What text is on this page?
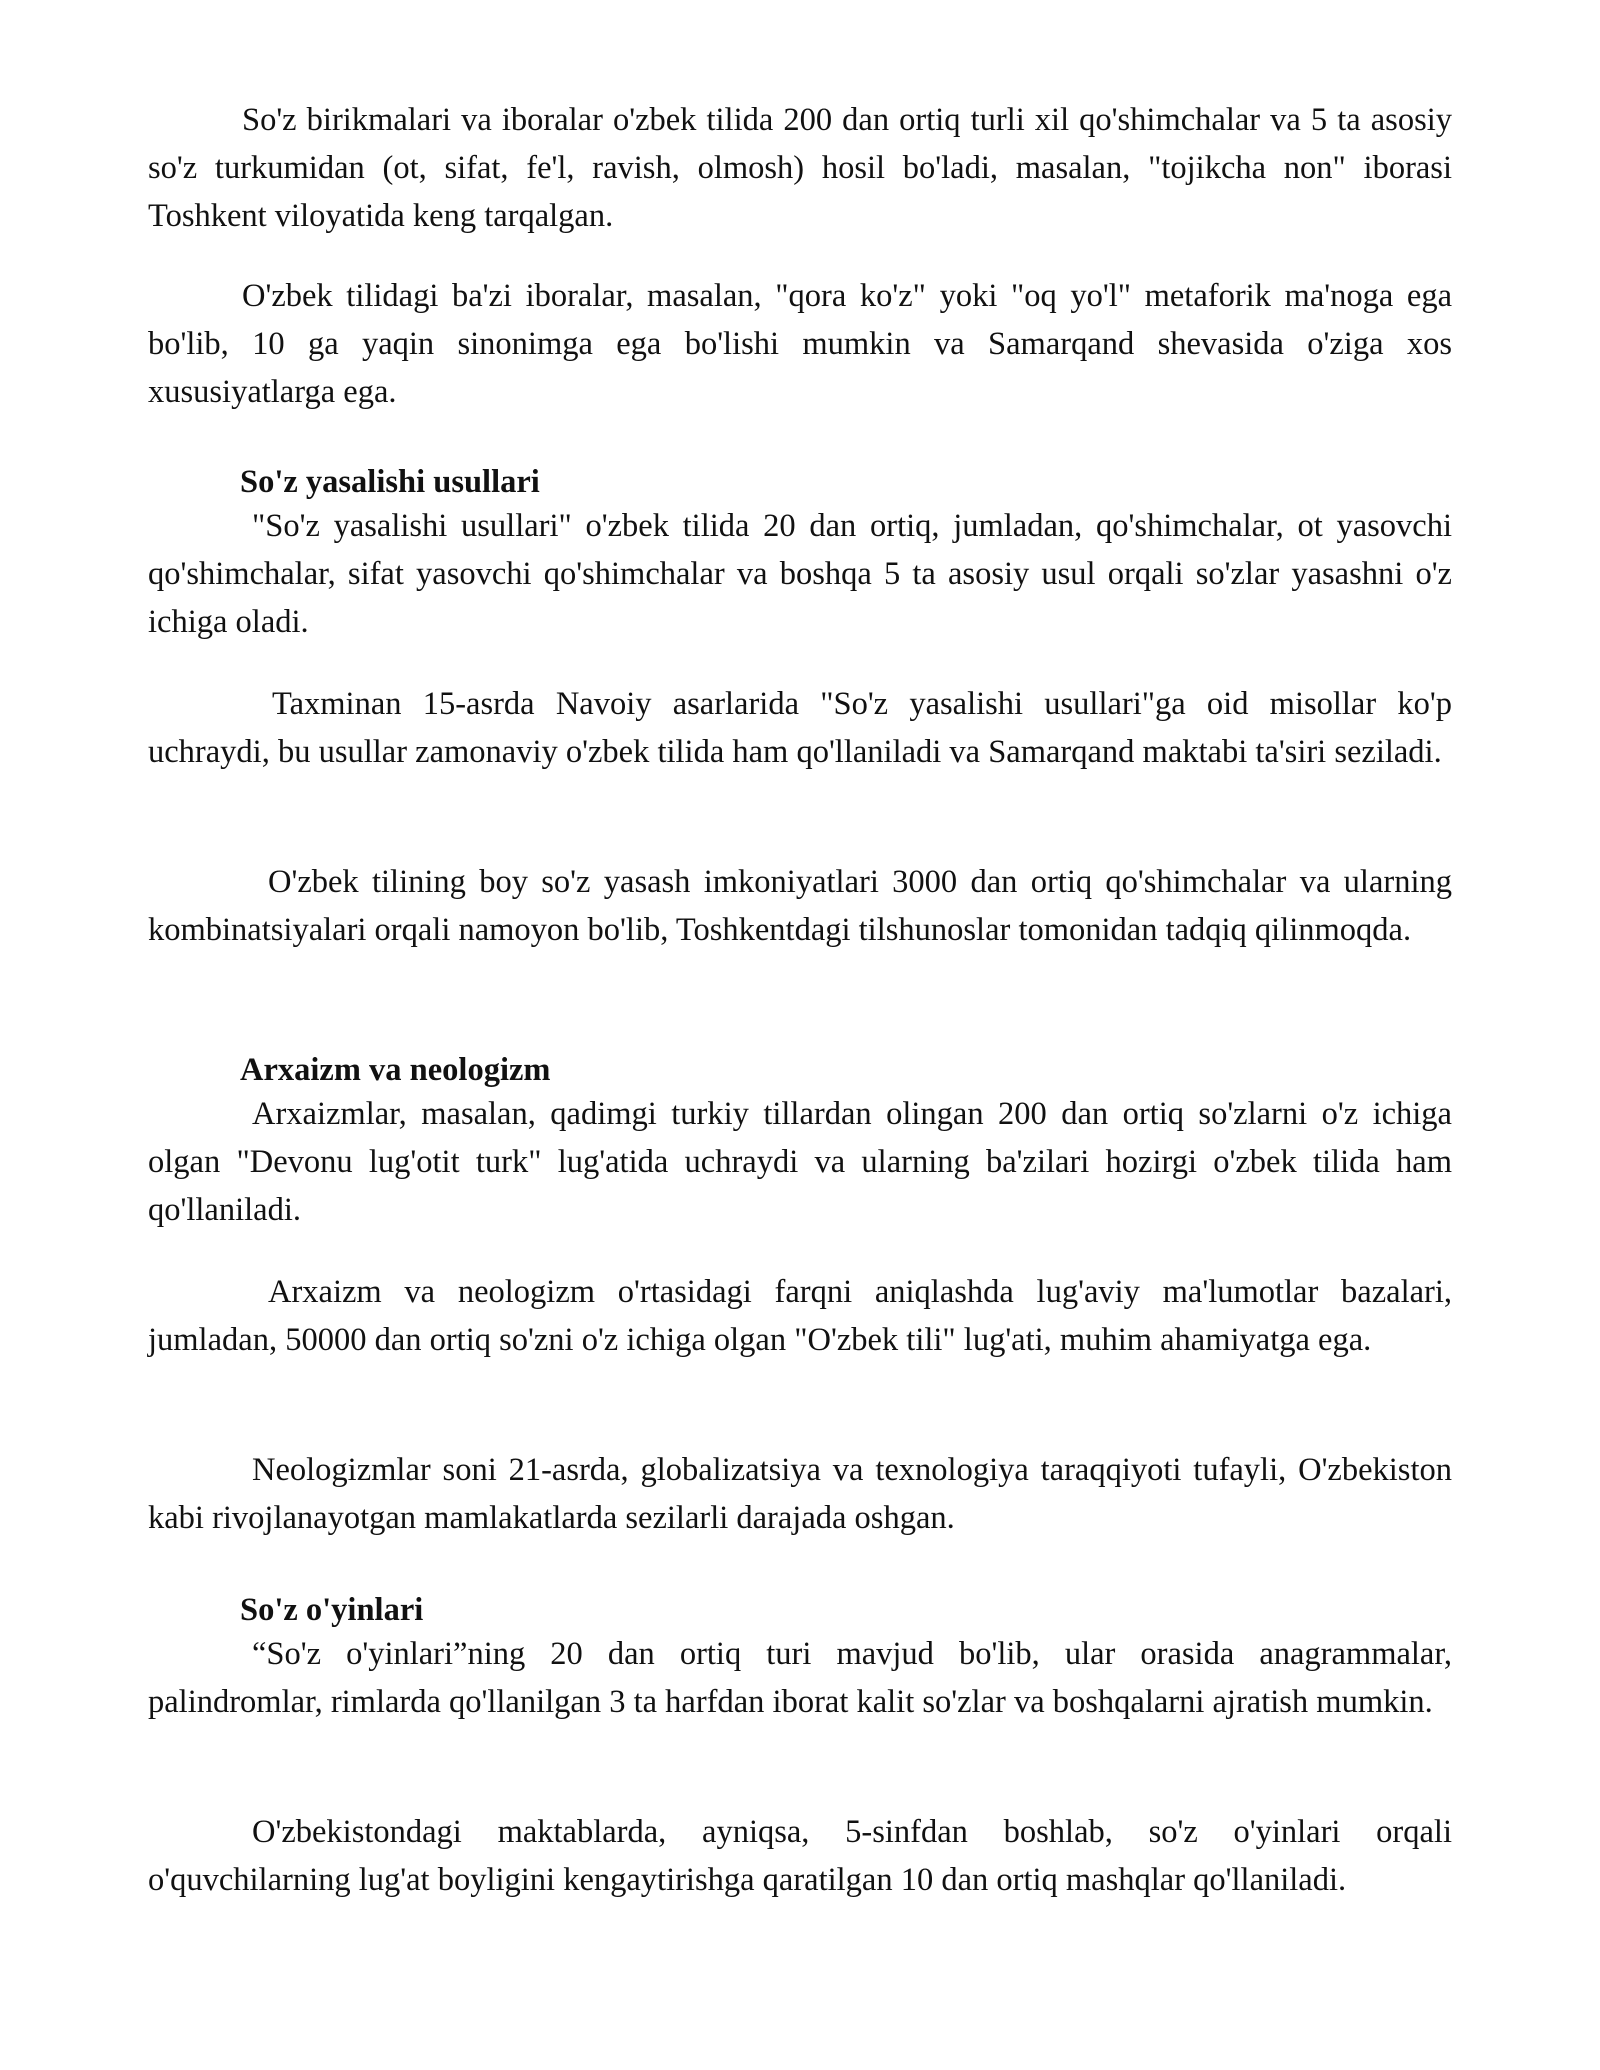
So'z birikmalari va iboralar o'zbek tilida 200 dan ortiq turli xil qo'shimchalar va 5 ta asosiy so'z turkumidan (ot, sifat, fe'l, ravish, olmosh) hosil bo'ladi, masalan, "tojikcha non" iborasi Toshkent viloyatida keng tarqalgan.

O'zbek tilidagi ba'zi iboralar, masalan, "qora ko'z" yoki "oq yo'l" metaforik ma'noga ega bo'lib, 10 ga yaqin sinonimga ega bo'lishi mumkin va Samarqand shevasida o'ziga xos xususiyatlarga ega.

So'z yasalishi usullari

"So'z yasalishi usullari" o'zbek tilida 20 dan ortiq, jumladan, qo'shimchalar, ot yasovchi qo'shimchalar, sifat yasovchi qo'shimchalar va boshqa 5 ta asosiy usul orqali so'zlar yasashni o'z ichiga oladi.

Taxminan 15-asrda Navoiy asarlarida "So'z yasalishi usullari"ga oid misollar ko'p uchraydi, bu usullar zamonaviy o'zbek tilida ham qo'llaniladi va Samarqand maktabi ta'siri seziladi.

O'zbek tilining boy so'z yasash imkoniyatlari 3000 dan ortiq qo'shimchalar va ularning kombinatsiyalari orqali namoyon bo'lib, Toshkentdagi tilshunoslar tomonidan tadqiq qilinmoqda.

Arxaizm va neologizm

Arxaizmlar, masalan, qadimgi turkiy tillardan olingan 200 dan ortiq so'zlarni o'z ichiga olgan "Devonu lug'otit turk" lug'atida uchraydi va ularning ba'zilari hozirgi o'zbek tilida ham qo'llaniladi.

Arxaizm va neologizm o'rtasidagi farqni aniqlashda lug'aviy ma'lumotlar bazalari, jumladan, 50000 dan ortiq so'zni o'z ichiga olgan "O'zbek tili" lug'ati, muhim ahamiyatga ega.

Neologizmlar soni 21-asrda, globalizatsiya va texnologiya taraqqiyoti tufayli, O'zbekiston kabi rivojlanayotgan mamlakatlarda sezilarli darajada oshgan.

So'z o'yinlari

“So'z o'yinlari”ning 20 dan ortiq turi mavjud bo'lib, ular orasida anagrammalar, palindromlar, rimlarda qo'llanilgan 3 ta harfdan iborat kalit so'zlar va boshqalarni ajratish mumkin.

O'zbekistondagi maktablarda, ayniqsa, 5-sinfdan boshlab, so'z o'yinlari orqali o'quvchilarning lug'at boyligini kengaytirishga qaratilgan 10 dan ortiq mashqlar qo'llaniladi.
